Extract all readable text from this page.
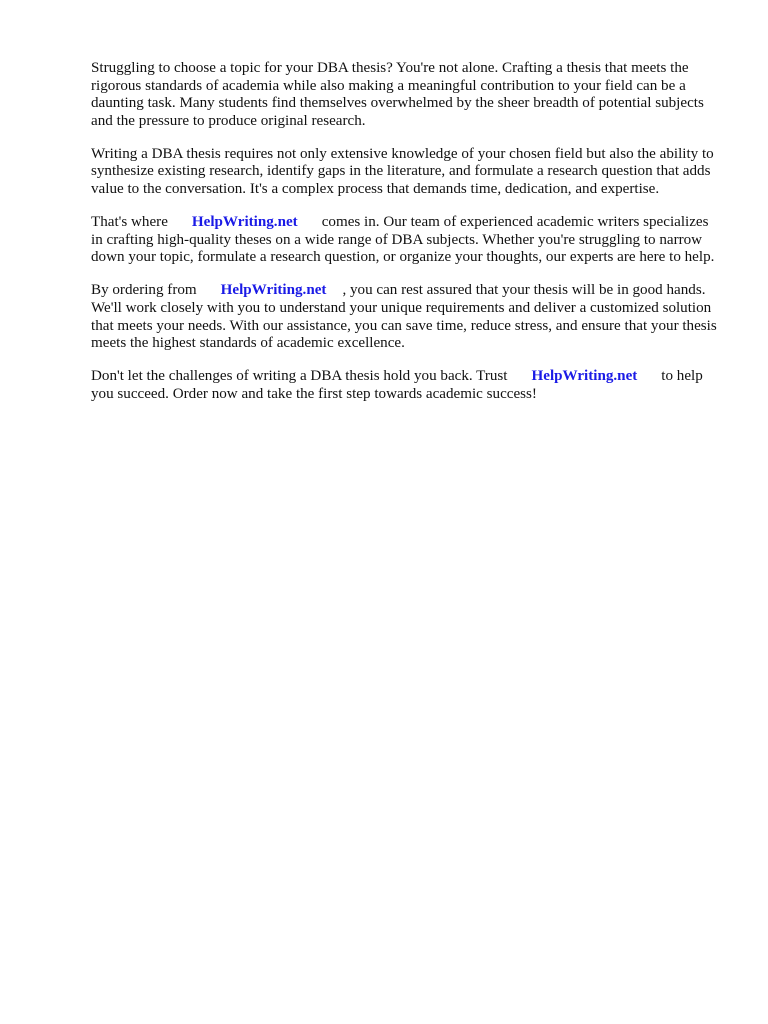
Struggling to choose a topic for your DBA thesis? You're not alone. Crafting a thesis that meets the rigorous standards of academia while also making a meaningful contribution to your field can be a daunting task. Many students find themselves overwhelmed by the sheer breadth of potential subjects and the pressure to produce original research.

Writing a DBA thesis requires not only extensive knowledge of your chosen field but also the ability to synthesize existing research, identify gaps in the literature, and formulate a research question that adds value to the conversation. It's a complex process that demands time, dedication, and expertise.

That's where HelpWriting.net comes in. Our team of experienced academic writers specializes in crafting high-quality theses on a wide range of DBA subjects. Whether you're struggling to narrow down your topic, formulate a research question, or organize your thoughts, our experts are here to help.

By ordering from HelpWriting.net , you can rest assured that your thesis will be in good hands. We'll work closely with you to understand your unique requirements and deliver a customized solution that meets your needs. With our assistance, you can save time, reduce stress, and ensure that your thesis meets the highest standards of academic excellence.

Don't let the challenges of writing a DBA thesis hold you back. Trust HelpWriting.net to help you succeed. Order now and take the first step towards academic success!
